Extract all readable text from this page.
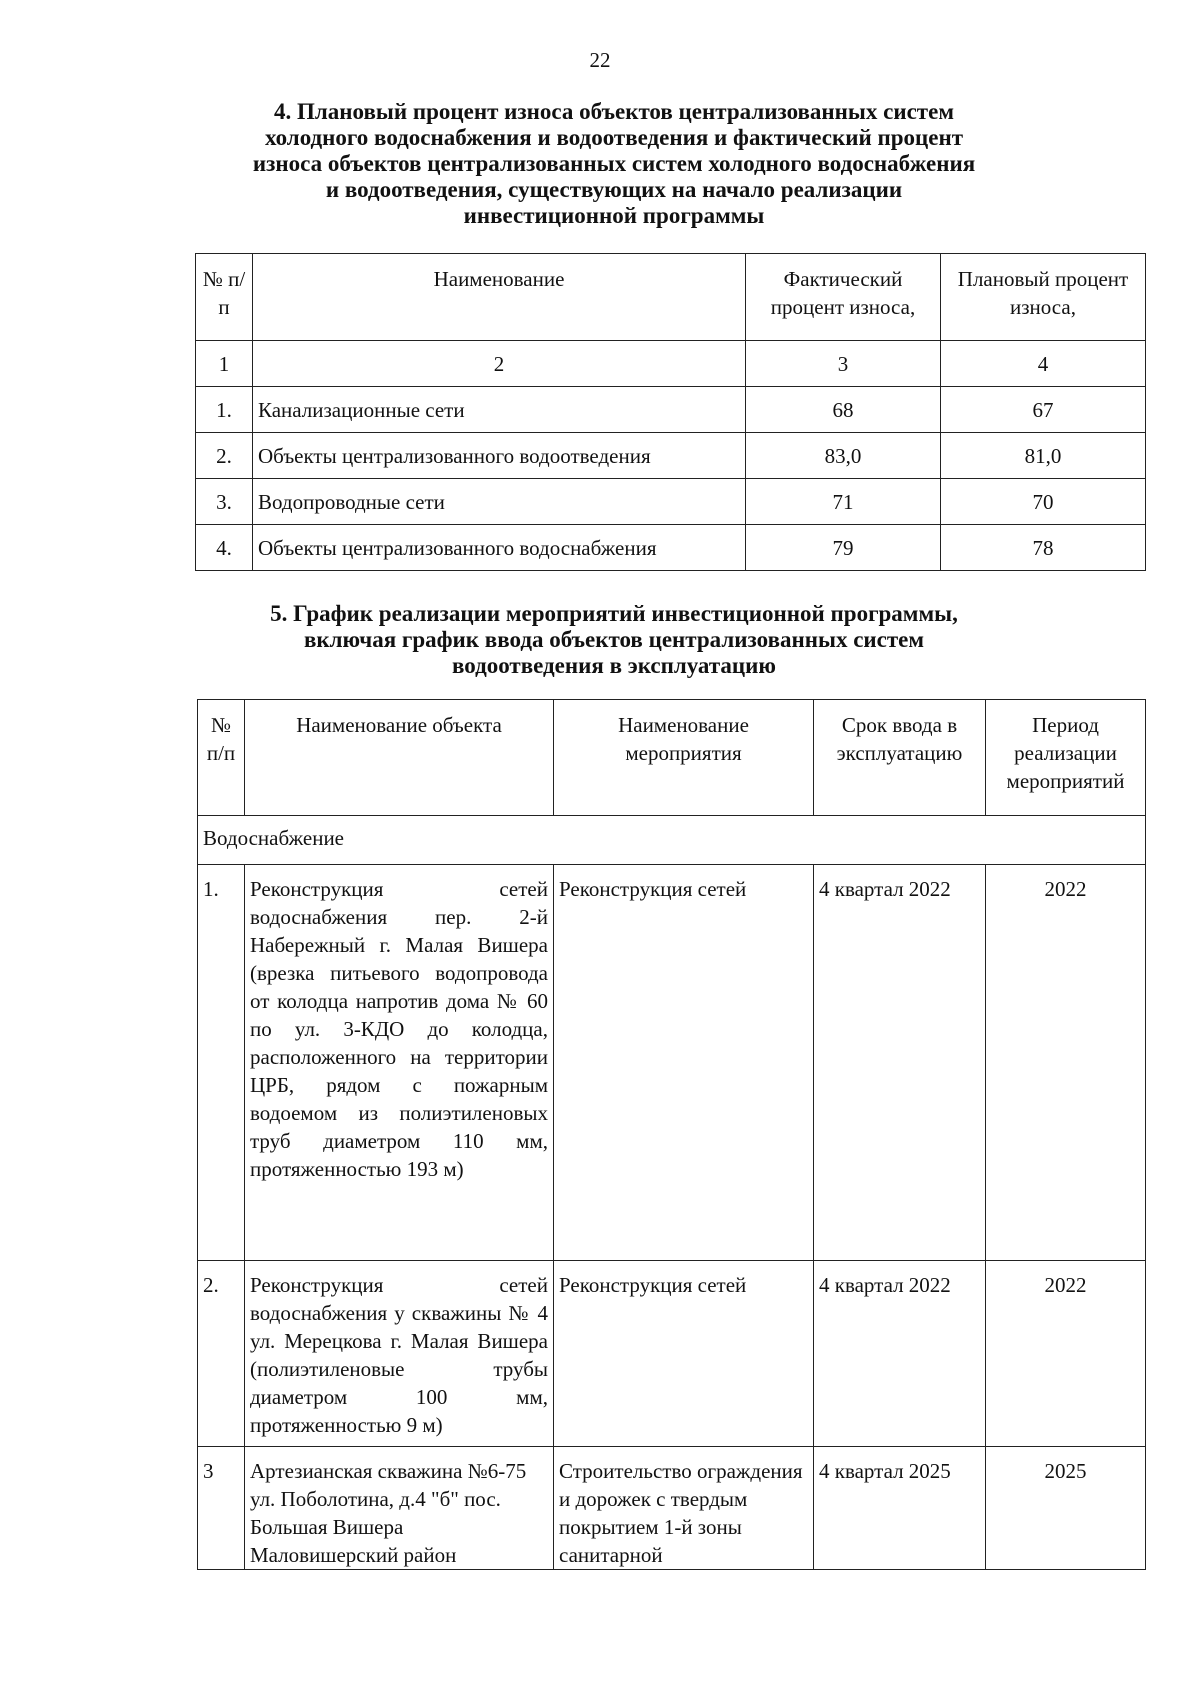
22
4. Плановый процент износа объектов централизованных систем
холодного водоснабжения и водоотведения и фактический процент
износа объектов централизованных систем холодного водоснабжения
и водоотведения, существующих на начало реализации
инвестиционной программы
№ п/п	Наименование	Фактический процент износа,	Плановый процент износа,
1	2	3	4
1.	Канализационные сети	68	67
2.	Объекты централизованного водоотведения	83,0	81,0
3.	Водопроводные сети	71	70
4.	Объекты централизованного водоснабжения	79	78
5. График реализации мероприятий инвестиционной программы,
включая график ввода объектов централизованных систем
водоотведения в эксплуатацию
№ п/п	Наименование объекта	Наименование мероприятия	Срок ввода в эксплуатацию	Период реализации мероприятий
Водоснабжение				
1.	Реконструкция сетей водоснабжения пер. 2-й Набережный г. Малая Вишера (врезка питьевого водопровода от колодца напротив дома № 60 по ул. 3-КДО до колодца, расположенного на территории ЦРБ, рядом с пожарным водоемом из полиэтиленовых труб диаметром 110 мм, протяженностью 193 м)	Реконструкция сетей	4 квартал 2022	2022
2.	Реконструкция сетей водоснабжения у скважины № 4 ул. Мерецкова г. Малая Вишера (полиэтиленовые трубы диаметром 100 мм, протяженностью 9 м)	Реконструкция сетей	4 квартал 2022	2022
3	Артезианская скважина №6-75 ул. Поболотина, д.4 "б" пос. Большая Вишера Маловишерский район	Строительство ограждения и дорожек с твердым покрытием 1-й зоны санитарной	4 квартал 2025	2025
